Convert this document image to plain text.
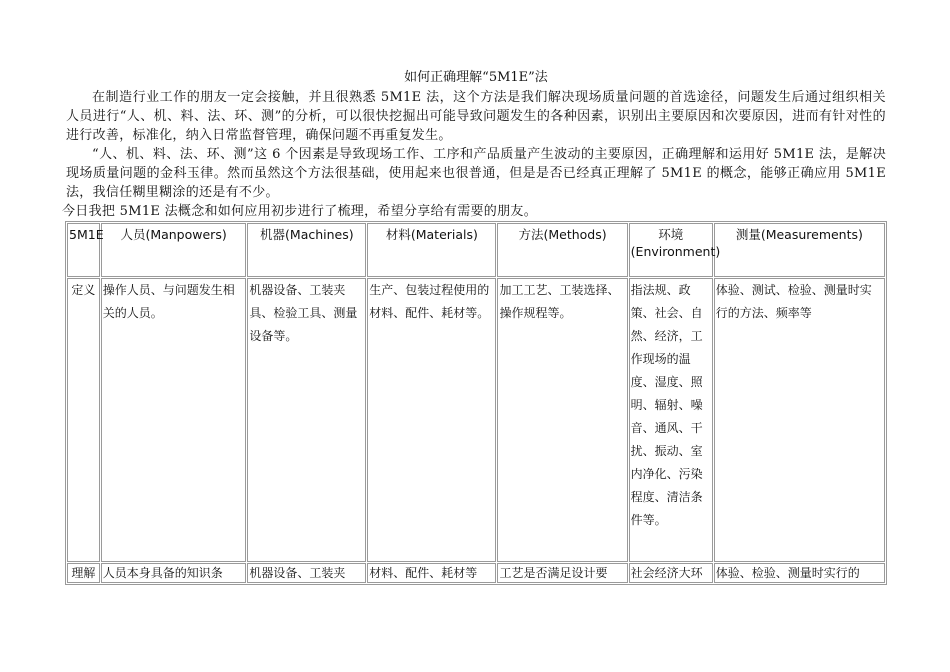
如何正确理解“5M1E”法

在制造行业工作的朋友一定会接触，并且很熟悉 5M1E 法，这个方法是我们解决现场质量问题的首选途径，问题发生后通过组织相关人员进行“人、机、料、法、环、测”的分析，可以很快挖掘出可能导致问题发生的各种因素，识别出主要原因和次要原因，进而有针对性的进行改善，标准化，纳入日常监督管理，确保问题不再重复发生。

“人、机、料、法、环、测”这 6 个因素是导致现场工作、工序和产品质量产生波动的主要原因，正确理解和运用好 5M1E 法，是解决现场质量问题的金科玉律。然而虽然这个方法很基础，使用起来也很普通，但是是否已经真正理解了 5M1E 的概念，能够正确应用 5M1E 法，我信任糊里糊涂的还是有不少。

今日我把 5M1E 法概念和如何应用初步进行了梳理，希望分享给有需要的朋友。

5M1E	人员(Manpowers)	机器(Machines)	材料(Materials)	方法(Methods)	环境(Environment)	测量(Measurements)
定义	操作人员、与问题发生相关的人员。	机器设备、工装夹具、检验工具、测量设备等。	生产、包装过程使用的材料、配件、耗材等。	加工工艺、工装选择、操作规程等。	指法规、政策、社会、自然、经济，工作现场的温度、湿度、照明、辐射、噪音、通风、干扰、振动、室内净化、污染程度、清洁条件等。	体验、测试、检验、测量时实行的方法、频率等
理解	人员本身具备的知识条	机器设备、工装夹	材料、配件、耗材等	工艺是否满足设计要	社会经济大环	体验、检验、测量时实行的
